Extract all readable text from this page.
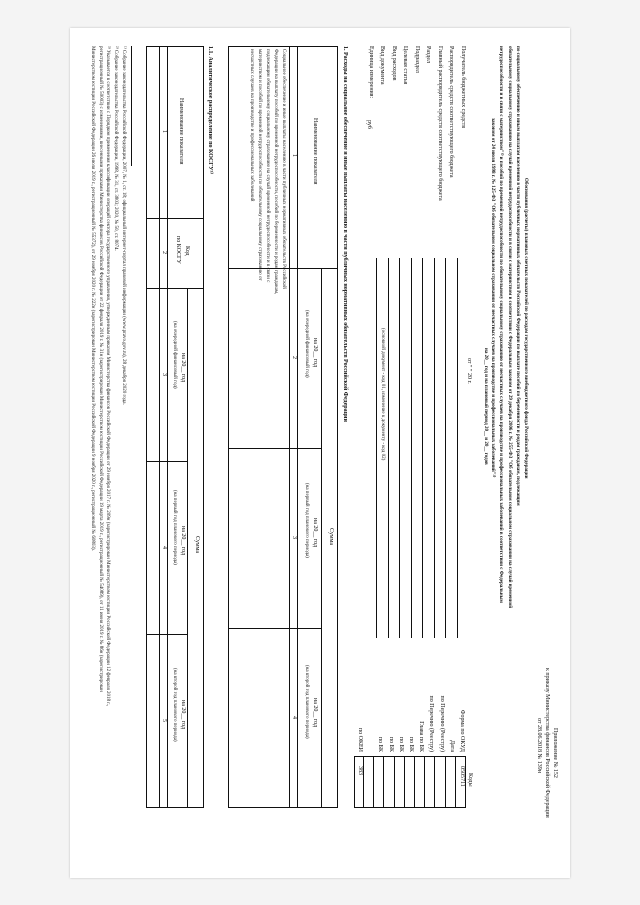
Приложение № 152
к приказу Министерства финансов Российской Федерации
от 28.06.2018 № 139н
Обоснования (расчеты) плановых сметных показателей по расходам государственного внебюджетного фонда Российской Федерации
по социальному обеспечению и иным выплатам населению в части публичных нормативных обязательств Российской Федерации по выплате пособий по беременности и родам гражданам, подлежащим
обязательному социальному страхованию на случай временной нетрудоспособности и в связи с материнством в соответствии с Федеральным законом от 29 декабря 2006 г. № 255-ФЗ "Об обязательном социальном страховании на случай временной
нетрудоспособности и в связи с материнством"¹⁾ и пособий по временной нетрудоспособности по обязательному социальному страхованию от несчастных случаев на производстве и профессиональных заболеваний в соответствии с Федеральным
законом от 24 июля 1998 г. № 125-ФЗ "Об обязательном социальном страховании от несчастных случаев на производстве и профессиональных заболеваний"²⁾
на 20__ год и на плановый период 20__ и 20__ годов
от " " 20 г.
Коды
Форма по ОКУД
0505711
Дата
по Перечню (Реестру)
по Перечню (Реестру)
Глава по БК
по БК
по БК
по БК
по БК
по ОКЕИ
383
Получатель бюджетных средств
Распорядитель средств соответствующего бюджета
Главный распорядитель средств соответствующего бюджета
Раздел
Подраздел
Целевая статья
Вид расходов
Вид документа
Единица измерения:
руб
(основной документ - код 01, изменение к документу - код 02)
1. Расходы на социальное обеспечение и иные выплаты населению в части публичных нормативных обязательств Российской Федерации
Наименование показателя
Сумма
на 20__ год
(на очередной финансовый год)
на 20__ год
(на первый год планового периода)
на 20__ год
(на второй год планового периода)
1
2
3
4
Социальное обеспечение и иные выплаты населению в части публичных нормативных обязательств Российской
Федерации на выплату пособий по временной нетрудоспособности, пособий по беременности и родам гражданам,
подлежащим обязательному социальному страхованию на случай временной нетрудоспособности и в связи с
материнством и пособий по временной нетрудоспособности по обязательному социальному страхованию от
несчастных случаев на производстве и профессиональных заболеваний
1.1. Аналитическое распределение по КОСГУ³⁾
Наименование показателя
Код
по КОСГУ
Сумма
на 20__ год
(на очередной финансовый год)
на 20__ год
(на первый год планового периода)
на 20__ год
(на второй год планового периода)
1
2
3
4
5
¹⁾ Собрание законодательства Российской Федерации, 2007, № 1, ст. 18; официальный интернет-портал правовой информации (www.pravo.gov.ru), 28 декабря 2020 года.
²⁾ Собрание законодательства Российской Федерации, 1998, № 31, ст. 3803; 2020, № 50, ст. 8074.
³⁾ Указывается в соответствии с Порядком применения классификации операций сектора государственного управления, утвержденным приказом Министерства финансов Российской Федерации от 29 ноября 2017 г. № 209н (зарегистрирован Министерством юстиции Российской Федерации 12 февраля 2018 г.,
регистрационный № 50003) с изменениями, внесенными приказами Министерства финансов Российской Федерации от 22 февраля 2019 г. № 31н (зарегистрирован Министерством юстиции Российской Федерации 19 марта 2019 г., регистрационный № 54089), от 11 июня 2019 г. № 86н (зарегистрирован
Министерством юстиции Российской Федерации 26 июля 2019 г., регистрационный № 55372), от 29 ноября 2020 г. № 222н (зарегистрирован Министерством юстиции Российской Федерации 9 ноября 2020 г., регистрационный № 60803).
